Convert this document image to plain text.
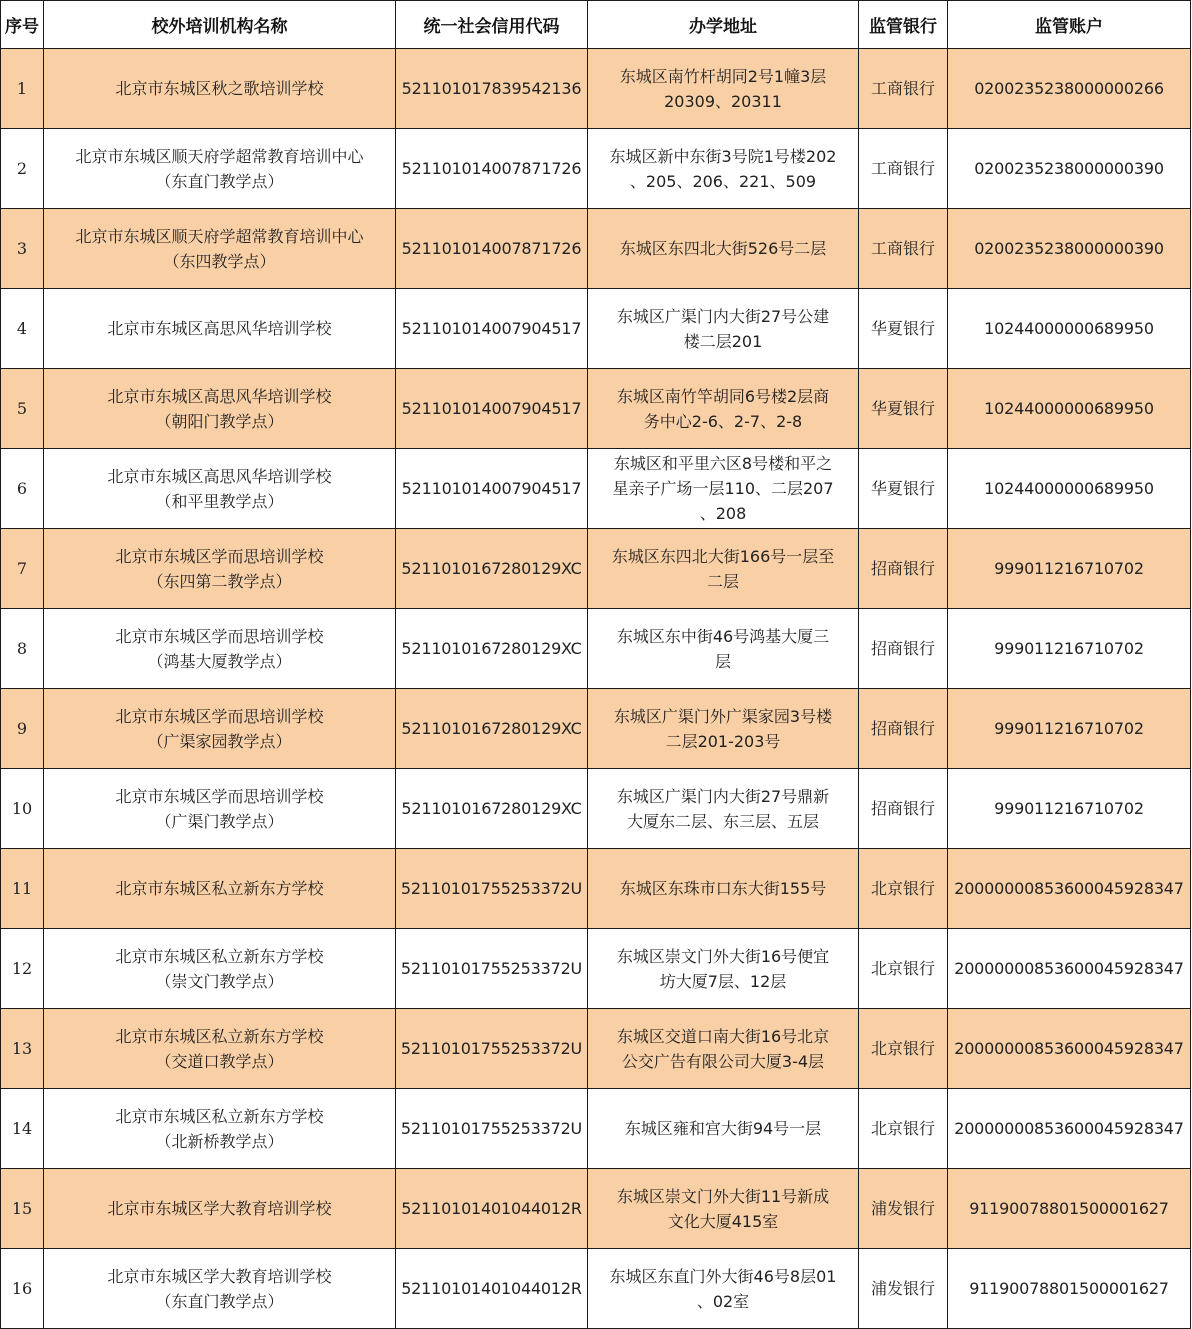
序号	校外培训机构名称	统一社会信用代码	办学地址	监管银行	监管账户
1	北京市东城区秋之歌培训学校	521101017839542136	东城区南竹杆胡同2号1幢3层
20309、20311	工商银行	0200235238000000266
2	北京市东城区顺天府学超常教育培训中心
（东直门教学点）	521101014007871726	东城区新中东街3号院1号楼202
、205、206、221、509	工商银行	0200235238000000390
3	北京市东城区顺天府学超常教育培训中心
（东四教学点）	521101014007871726	东城区东四北大街526号二层	工商银行	0200235238000000390
4	北京市东城区高思风华培训学校	521101014007904517	东城区广渠门内大街27号公建
楼二层201	华夏银行	10244000000689950
5	北京市东城区高思风华培训学校
（朝阳门教学点）	521101014007904517	东城区南竹竿胡同6号楼2层商
务中心2-6、2-7、2-8	华夏银行	10244000000689950
6	北京市东城区高思风华培训学校
（和平里教学点）	521101014007904517	东城区和平里六区8号楼和平之
星亲子广场一层110、二层207
、208	华夏银行	10244000000689950
7	北京市东城区学而思培训学校
（东四第二教学点）	5211010167280129XC	东城区东四北大街166号一层至
二层	招商银行	999011216710702
8	北京市东城区学而思培训学校
（鸿基大厦教学点）	5211010167280129XC	东城区东中街46号鸿基大厦三
层	招商银行	999011216710702
9	北京市东城区学而思培训学校
（广渠家园教学点）	5211010167280129XC	东城区广渠门外广渠家园3号楼
二层201-203号	招商银行	999011216710702
10	北京市东城区学而思培训学校
（广渠门教学点）	5211010167280129XC	东城区广渠门内大街27号鼎新
大厦东二层、东三层、五层	招商银行	999011216710702
11	北京市东城区私立新东方学校	52110101755253372U	东城区东珠市口东大街155号	北京银行	20000000853600045928347
12	北京市东城区私立新东方学校
（崇文门教学点）	52110101755253372U	东城区崇文门外大街16号便宜
坊大厦7层、12层	北京银行	20000000853600045928347
13	北京市东城区私立新东方学校
（交道口教学点）	52110101755253372U	东城区交道口南大街16号北京
公交广告有限公司大厦3-4层	北京银行	20000000853600045928347
14	北京市东城区私立新东方学校
（北新桥教学点）	52110101755253372U	东城区雍和宫大街94号一层	北京银行	20000000853600045928347
15	北京市东城区学大教育培训学校	52110101401044012R	东城区崇文门外大街11号新成
文化大厦415室	浦发银行	91190078801500001627
16	北京市东城区学大教育培训学校
（东直门教学点）	52110101401044012R	东城区东直门外大街46号8层01
、02室	浦发银行	91190078801500001627
